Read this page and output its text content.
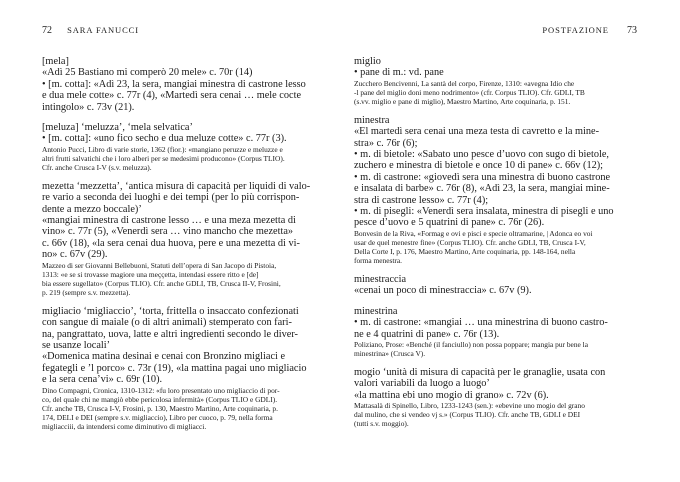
72 SARA FANUCCI	POSTFAZIONE 73
[mela]
«Adì 25 Bastiano mi comperò 20 mele» c. 70r (14)
• [m. cotta]: «Adì 23, la sera, mangiai minestra di castrone lesso
e dua mele cotte» c. 77r (4), «Martedì sera cenai … mele cocte
intingolo» c. 73v (21).
[meluza] ‘meluzza’, ‘mela selvatica’
• [m. cotta]: «uno fico secho e dua meluze cotte» c. 77r (3).
Antonio Pucci, Libro di varie storie, 1362 (fior.): «mangiano peruzze e meluzze e
altri frutti salvatichi che i loro alberi per se medesimi producono» (Corpus TLIO).
Cfr. anche Crusca I-V (s.v. meluzza).
mezetta ‘mezzetta’, ‘antica misura di capacità per liquidi di valo-
re vario a seconda dei luoghi e dei tempi (per lo più corrispon-
dente a mezzo boccale)’
«mangiai minestra di castrone lesso … e una meza mezetta di
vino» c. 77r (5), «Venerdì sera … vino mancho che mezetta»
c. 66v (18), «la sera cenai dua huova, pere e una mezetta di vi-
no» c. 67v (29).
Mazzeo di ser Giovanni Bellebuoni, Statuti dell’opera di San Jacopo di Pistoia,
1313: «e se si trovasse magiore una meççetta, intendasi essere ritto e [de]
bia essere sugellato» (Corpus TLIO). Cfr. anche GDLI, TB, Crusca II-V, Frosini,
p. 219 (sempre s.v. mezzetta).
migliacio ‘migliaccio’, ‘torta, frittella o insaccato confezionati
con sangue di maiale (o di altri animali) stemperato con fari-
na, pangrattato, uova, latte e altri ingredienti secondo le diver-
se usanze locali’
«Domenica matina desinai e cenai con Bronzino migliaci e
fegategli e ’l porco» c. 73r (19), «la mattina pagai uno migliacio
e la sera cena’vi» c. 69r (10).
Dino Compagni, Cronica, 1310-1312: «fu loro presentato uno migliaccio di por-
co, del quale chi ne mangiò ebbe pericolosa infermità» (Corpus TLIO e GDLI).
Cfr. anche TB, Crusca I-V, Frosini, p. 130, Maestro Martino, Arte coquinaria, p.
174, DELI e DEI (sempre s.v. migliaccio), Libro per cuoco, p. 79, nella forma
migliacciii, da intendersi come diminutivo di migliacci.
miglio
• pane di m.: vd. pane
Zucchero Bencivenni, La santà del corpo, Firenze, 1310: «avegna Idio che
-l pane del miglio doni meno nodrimento» (cfr. Corpus TLIO). Cfr. GDLI, TB
(s.vv. miglio e pane di miglio), Maestro Martino, Arte coquinaria, p. 151.
minestra
«El martedì sera cenai una meza testa di cavretto e la mine-
stra» c. 76r (6);
• m. di bietole: «Sabato uno pesce d’uovo con sugo di bietole,
zuchero e minestra di bietole e once 10 di pane» c. 66v (12);
• m. di castrone: «giovedì sera una minestra di buono castrone
e insalata di barbe» c. 76r (8), «Adì 23, la sera, mangiai mine-
stra di castrone lesso» c. 77r (4);
• m. di pisegli: «Venerdì sera insalata, minestra di pisegli e uno
pesce d’uovo e 5 quatrini di pane» c. 76r (26).
Bonvesin de la Riva, «Formag e ovi e pisci e specie oltramarine, | Adonca eo voi
usar de quel menestre fine» (Corpus TLIO). Cfr. anche GDLI, TB, Crusca I-V,
Della Corte I, p. 176, Maestro Martino, Arte coquinaria, pp. 148-164, nella
forma menestra.
minestraccia
«cenai un poco di minestraccia» c. 67v (9).
minestrina
• m. di castrone: «mangiai … una minestrina di buono castro-
ne e 4 quatrini di pane» c. 76r (13).
Poliziano, Prose: «Benché (il fanciullo) non possa poppare; mangia pur bene la
minestrina» (Crusca V).
mogio ‘unità di misura di capacità per le granaglie, usata con
valori variabili da luogo a luogo’
«la mattina ebi uno mogio di grano» c. 72v (6).
Mattasalà di Spinello, Libro, 1233-1243 (sen.): «ebevine uno mogio del grano
dal mulino, che si vendeo vj s.» (Corpus TLIO). Cfr. anche TB, GDLI e DEI
(tutti s.v. moggio).
